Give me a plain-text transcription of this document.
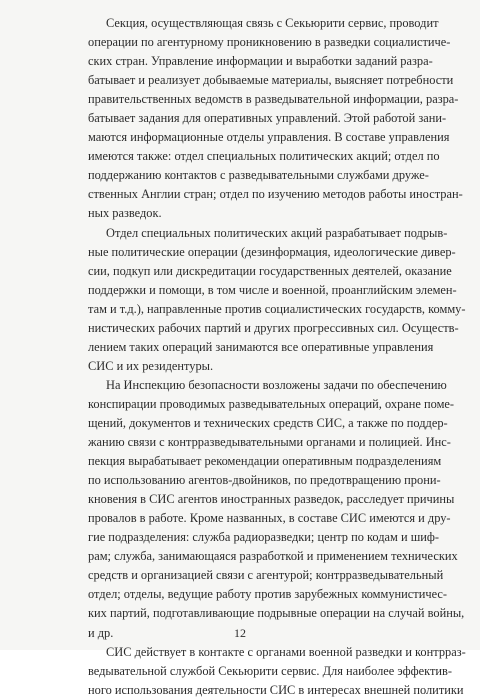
Секция, осуществляющая связь с Секьюрити сервис, проводит
операции по агентурному проникновению в разведки социалистиче-
ских стран. Управление информации и выработки заданий разра-
батывает и реализует добываемые материалы, выясняет потребности
правительственных ведомств в разведывательной информации, разра-
батывает задания для оперативных управлений. Этой работой зани-
маются информационные отделы управления. В составе управления
имеются также: отдел специальных политических акций; отдел по
поддержанию контактов с разведывательными службами друже-
ственных Англии стран; отдел по изучению методов работы иностран-
ных разведок.
Отдел специальных политических акций разрабатывает подрыв-
ные политические операции (дезинформация, идеологические дивер-
сии, подкуп или дискредитации государственных деятелей, оказание
поддержки и помощи, в том числе и военной, проанглийским элемен-
там и т.д.), направленные против социалистических государств, комму-
нистических рабочих партий и других прогрессивных сил. Осуществ-
лением таких операций занимаются все оперативные управления
СИС и их резидентуры.
На Инспекцию безопасности возложены задачи по обеспечению
конспирации проводимых разведывательных операций, охране поме-
щений, документов и технических средств СИС, а также по поддер-
жанию связи с контрразведывательными органами и полицией. Инс-
пекция вырабатывает рекомендации оперативным подразделениям
по использованию агентов-двойников, по предотвращению прони-
кновения в СИС агентов иностранных разведок, расследует причины
провалов в работе. Кроме названных, в составе СИС имеются и дру-
гие подразделения: служба радиоразведки; центр по кодам и шиф-
рам; служба, занимающаяся разработкой и применением технических
средств и организацией связи с агентурой; контрразведывательный
отдел; отделы, ведущие работу против зарубежных коммунистичес-
ких партий, подготавливающие подрывные операции на случай войны,
и др.
СИС действует в контакте с органами военной разведки и контрраз-
ведывательной службой Секьюрити сервис. Для наиболее эффектив-
ного использования деятельности СИС в интересах внешней политики
12
